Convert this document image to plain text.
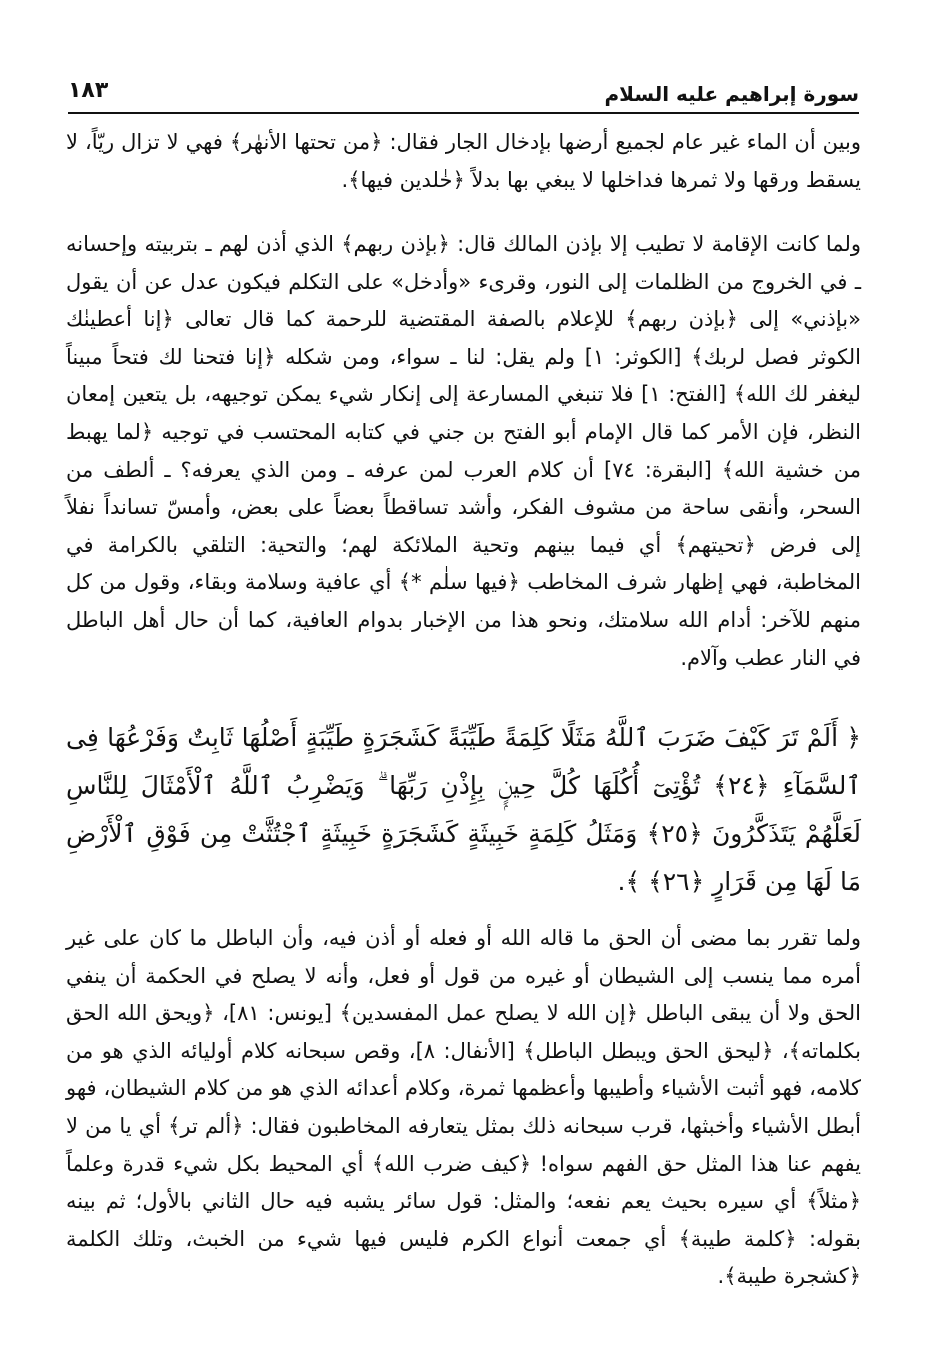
سورة إبراهيم عليه السلام
١٨٣

وبين أن الماء غير عام لجميع أرضها بإدخال الجار فقال: ﴿من تحتها الأنهٰر﴾ فهي لا تزال ريّاً، لا يسقط ورقها ولا ثمرها فداخلها لا يبغي بها بدلاً ﴿خٰلدين فيها﴾.

ولما كانت الإقامة لا تطيب إلا بإذن المالك قال: ﴿بإذن ربهم﴾ الذي أذن لهم ـ بتربيته وإحسانه ـ في الخروج من الظلمات إلى النور، وقرىء «وأدخل» على التكلم فيكون عدل عن أن يقول «بإذني» إلى ﴿بإذن ربهم﴾ للإعلام بالصفة المقتضية للرحمة كما قال تعالى ﴿إنا أعطينٰك الكوثر فصل لربك﴾ [الكوثر: ١] ولم يقل: لنا ـ سواء، ومن شكله ﴿إنا فتحنا لك فتحاً مبيناً ليغفر لك الله﴾ [الفتح: ١] فلا تنبغي المسارعة إلى إنكار شيء يمكن توجيهه، بل يتعين إمعان النظر، فإن الأمر كما قال الإمام أبو الفتح بن جني في كتابه المحتسب في توجيه ﴿لما يهبط من خشية الله﴾ [البقرة: ٧٤] أن كلام العرب لمن عرفه ـ ومن الذي يعرفه؟ ـ ألطف من السحر، وأنقى ساحة من مشوف الفكر، وأشد تساقطاً بعضاً على بعض، وأمسّ تسانداً نفلاً إلى فرض ﴿تحيتهم﴾ أي فيما بينهم وتحية الملائكة لهم؛ والتحية: التلقي بالكرامة في المخاطبة، فهي إظهار شرف المخاطب ﴿فيها سلٰم *﴾ أي عافية وسلامة وبقاء، وقول من كل منهم للآخر: أدام الله سلامتك، ونحو هذا من الإخبار بدوام العافية، كما أن حال أهل الباطل في النار عطب وآلام.

﴿ أَلَمْ تَرَ كَيْفَ ضَرَبَ ٱللَّهُ مَثَلًا كَلِمَةً طَيِّبَةً كَشَجَرَةٍ طَيِّبَةٍ أَصْلُهَا ثَابِتٌ وَفَرْعُهَا فِى ٱلسَّمَآءِ ﴿٢٤﴾ تُؤْتِىٓ أُكُلَهَا كُلَّ حِينٍۭ بِإِذْنِ رَبِّهَا ۗ وَيَضْرِبُ ٱللَّهُ ٱلْأَمْثَالَ لِلنَّاسِ لَعَلَّهُمْ يَتَذَكَّرُونَ ﴿٢٥﴾ وَمَثَلُ كَلِمَةٍ خَبِيثَةٍ كَشَجَرَةٍ خَبِيثَةٍ ٱجْتُثَّتْ مِن فَوْقِ ٱلْأَرْضِ مَا لَهَا مِن قَرَارٍ ﴿٢٦﴾ ﴾.

ولما تقرر بما مضى أن الحق ما قاله الله أو فعله أو أذن فيه، وأن الباطل ما كان على غير أمره مما ينسب إلى الشيطان أو غيره من قول أو فعل، وأنه لا يصلح في الحكمة أن ينفي الحق ولا أن يبقى الباطل ﴿إن الله لا يصلح عمل المفسدين﴾ [يونس: ٨١]، ﴿ويحق الله الحق بكلماته﴾، ﴿ليحق الحق ويبطل الباطل﴾ [الأنفال: ٨]، وقص سبحانه كلام أوليائه الذي هو من كلامه، فهو أثبت الأشياء وأطيبها وأعظمها ثمرة، وكلام أعدائه الذي هو من كلام الشيطان، فهو أبطل الأشياء وأخبثها، قرب سبحانه ذلك بمثل يتعارفه المخاطبون فقال: ﴿ألم تر﴾ أي يا من لا يفهم عنا هذا المثل حق الفهم سواه! ﴿كيف ضرب الله﴾ أي المحيط بكل شيء قدرة وعلماً ﴿مثلاً﴾ أي سيره بحيث يعم نفعه؛ والمثل: قول سائر يشبه فيه حال الثاني بالأول؛ ثم بينه بقوله: ﴿كلمة طيبة﴾ أي جمعت أنواع الكرم فليس فيها شيء من الخبث، وتلك الكلمة ﴿كشجرة طيبة﴾.
